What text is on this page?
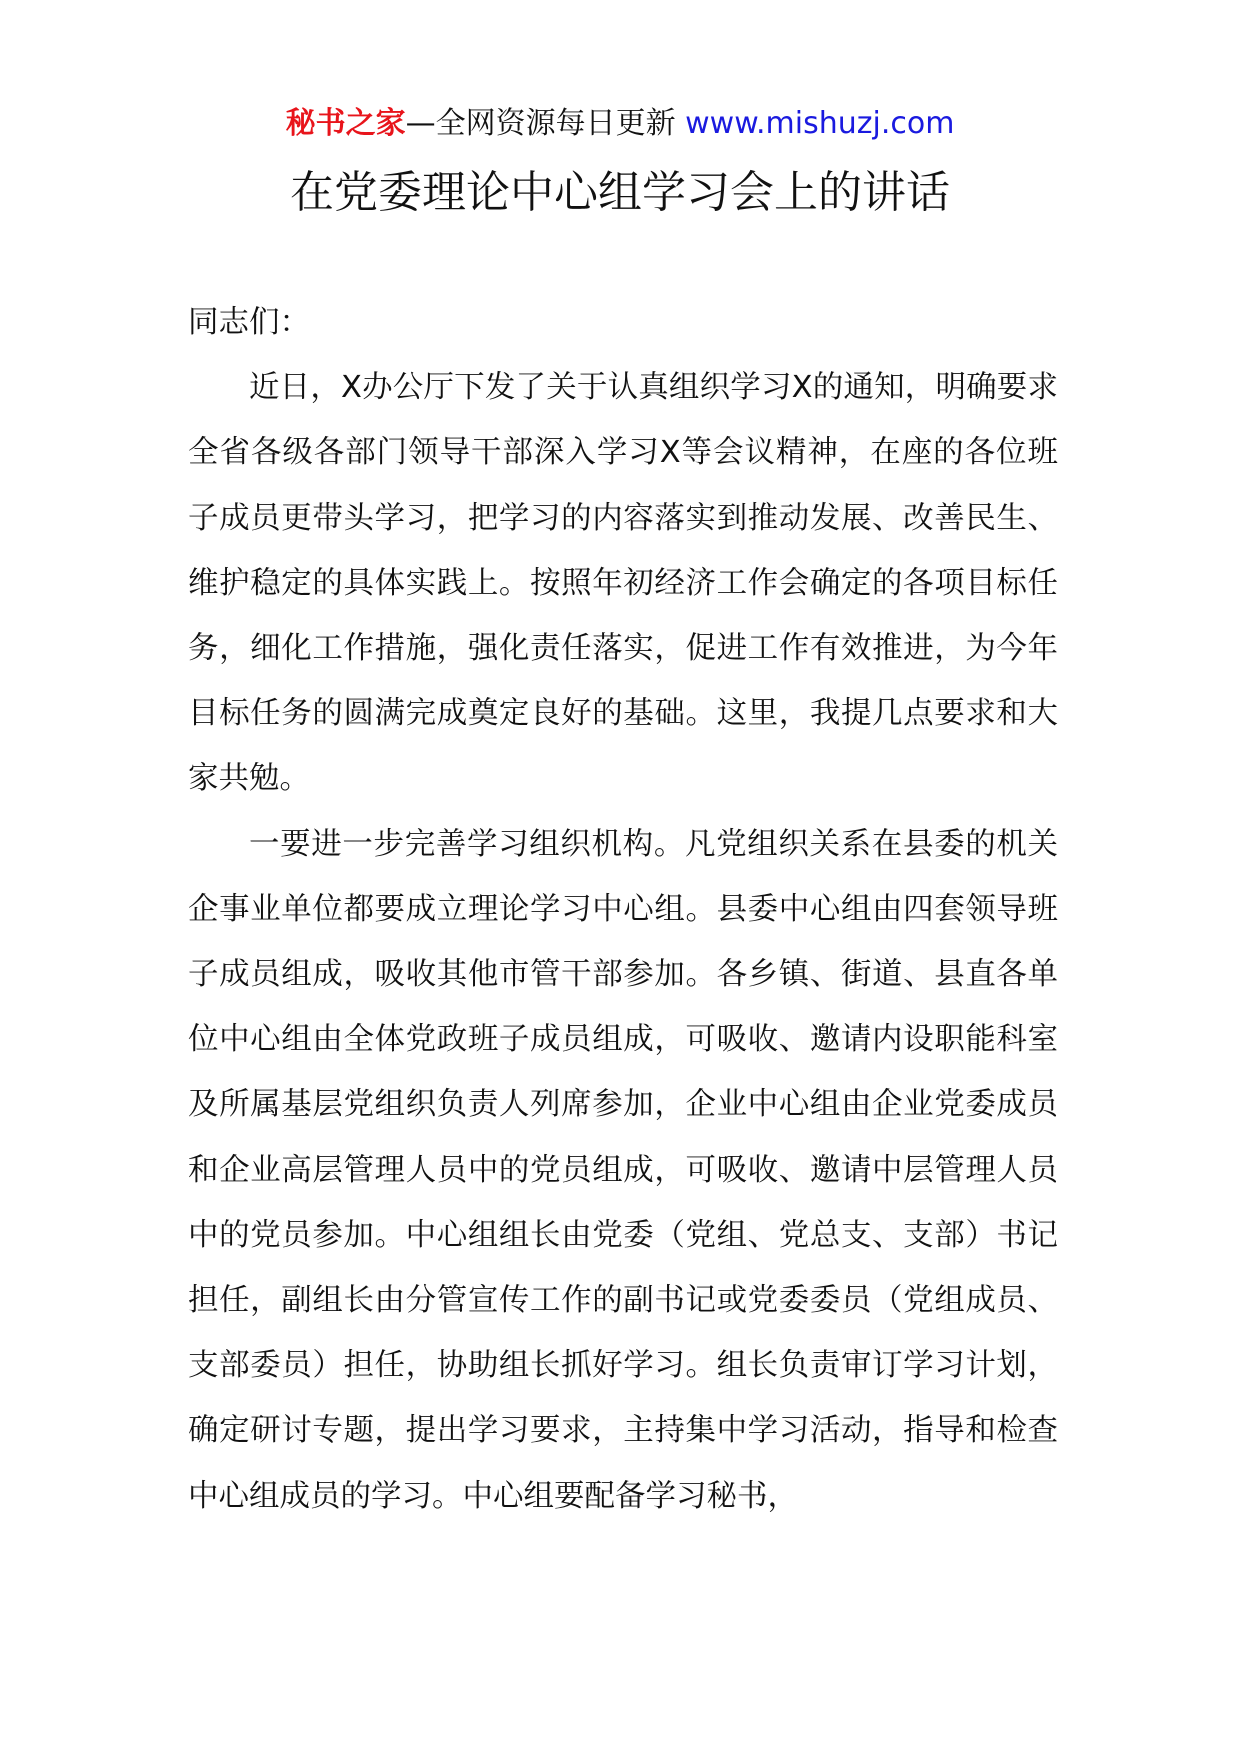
秘书之家—全网资源每日更新 www.mishuzj.com
在党委理论中心组学习会上的讲话

同志们：

近日，X办公厅下发了关于认真组织学习X的通知，明确要求全省各级各部门领导干部深入学习X等会议精神，在座的各位班子成员更带头学习，把学习的内容落实到推动发展、改善民生、维护稳定的具体实践上。按照年初经济工作会确定的各项目标任务，细化工作措施，强化责任落实，促进工作有效推进，为今年目标任务的圆满完成奠定良好的基础。这里，我提几点要求和大家共勉。

一要进一步完善学习组织机构。凡党组织关系在县委的机关企事业单位都要成立理论学习中心组。县委中心组由四套领导班子成员组成，吸收其他市管干部参加。各乡镇、街道、县直各单位中心组由全体党政班子成员组成，可吸收、邀请内设职能科室及所属基层党组织负责人列席参加，企业中心组由企业党委成员和企业高层管理人员中的党员组成，可吸收、邀请中层管理人员中的党员参加。中心组组长由党委（党组、党总支、支部）书记担任，副组长由分管宣传工作的副书记或党委委员（党组成员、支部委员）担任，协助组长抓好学习。组长负责审订学习计划，确定研讨专题，提出学习要求，主持集中学习活动，指导和检查中心组成员的学习。中心组要配备学习秘书，
